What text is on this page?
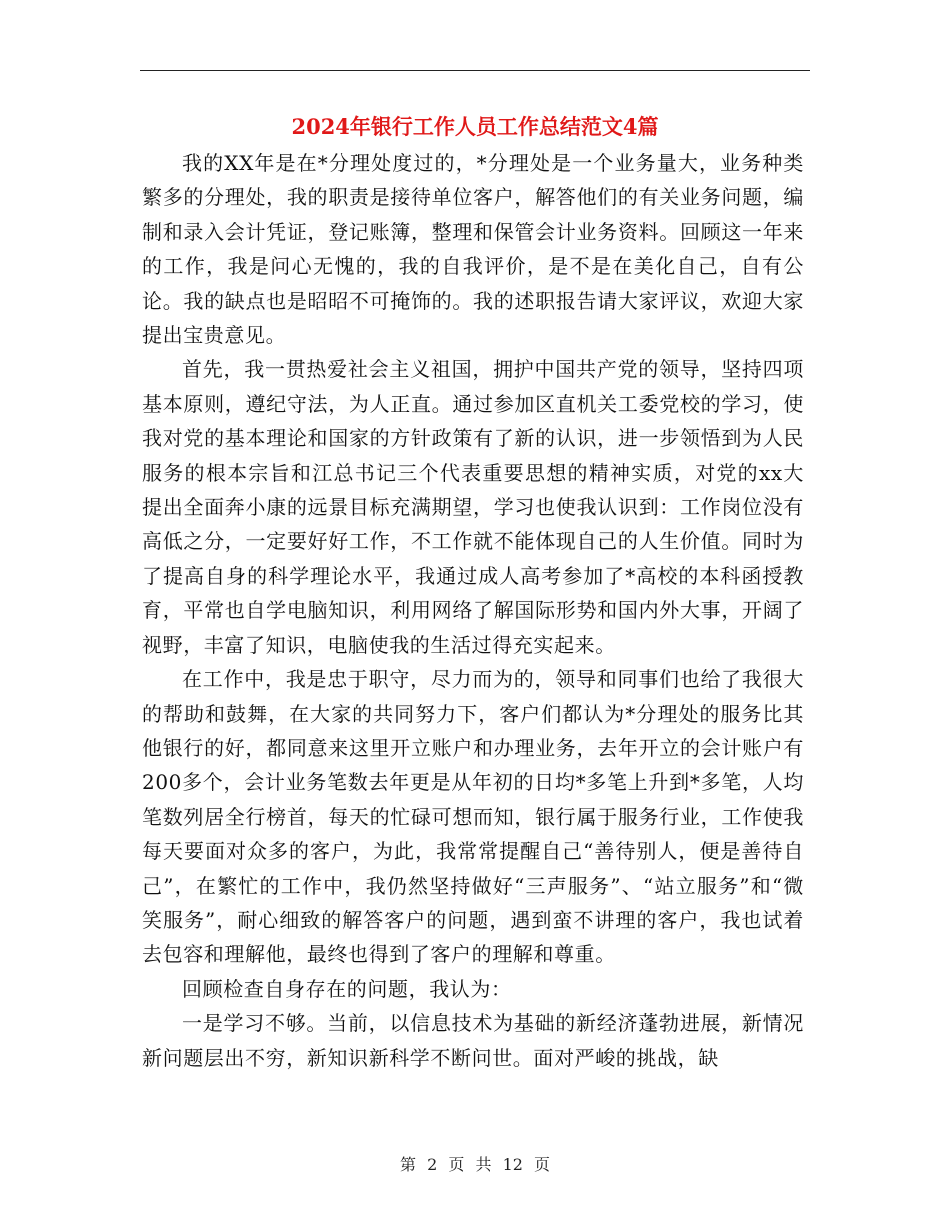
2024年银行工作人员工作总结范文4篇

我的XX年是在*分理处度过的，*分理处是一个业务量大，业务种类繁多的分理处，我的职责是接待单位客户，解答他们的有关业务问题，编制和录入会计凭证，登记账簿，整理和保管会计业务资料。回顾这一年来的工作，我是问心无愧的，我的自我评价，是不是在美化自己，自有公论。我的缺点也是昭昭不可掩饰的。我的述职报告请大家评议，欢迎大家提出宝贵意见。

首先，我一贯热爱社会主义祖国，拥护中国共产党的领导，坚持四项基本原则，遵纪守法，为人正直。通过参加区直机关工委党校的学习，使我对党的基本理论和国家的方针政策有了新的认识，进一步领悟到为人民服务的根本宗旨和江总书记三个代表重要思想的精神实质，对党的xx大提出全面奔小康的远景目标充满期望，学习也使我认识到：工作岗位没有高低之分，一定要好好工作，不工作就不能体现自己的人生价值。同时为了提高自身的科学理论水平，我通过成人高考参加了*高校的本科函授教育，平常也自学电脑知识，利用网络了解国际形势和国内外大事，开阔了视野，丰富了知识，电脑使我的生活过得充实起来。

在工作中，我是忠于职守，尽力而为的，领导和同事们也给了我很大的帮助和鼓舞，在大家的共同努力下，客户们都认为*分理处的服务比其他银行的好，都同意来这里开立账户和办理业务，去年开立的会计账户有200多个，会计业务笔数去年更是从年初的日均*多笔上升到*多笔，人均笔数列居全行榜首，每天的忙碌可想而知，银行属于服务行业，工作使我每天要面对众多的客户，为此，我常常提醒自己“善待别人，便是善待自己”，在繁忙的工作中，我仍然坚持做好“三声服务”、“站立服务”和“微笑服务”，耐心细致的解答客户的问题，遇到蛮不讲理的客户，我也试着去包容和理解他，最终也得到了客户的理解和尊重。

回顾检查自身存在的问题，我认为：

一是学习不够。当前，以信息技术为基础的新经济蓬勃进展，新情况新问题层出不穷，新知识新科学不断问世。面对严峻的挑战，缺

第 2 页 共 12 页
